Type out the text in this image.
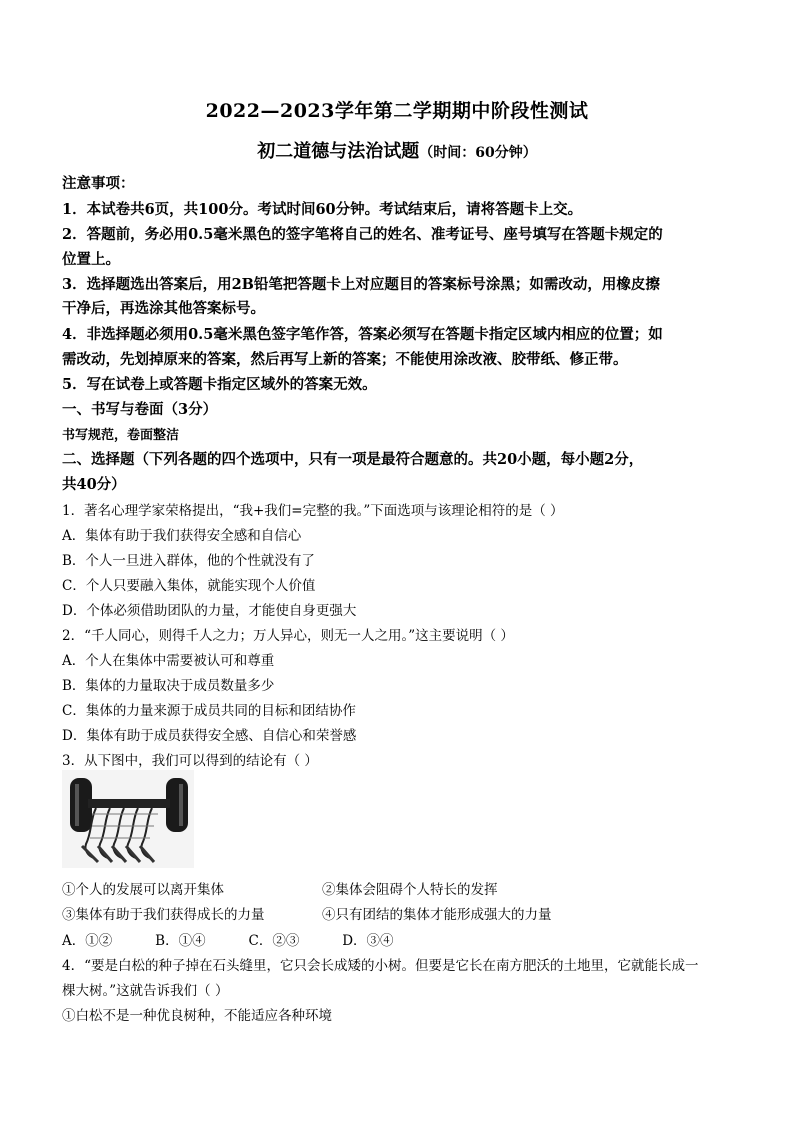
2022—2023学年第二学期期中阶段性测试
初二道德与法治试题（时间：60分钟）
注意事项：
1．本试卷共6页，共100分。考试时间60分钟。考试结束后，请将答题卡上交。
2．答题前，务必用0.5毫米黑色的签字笔将自己的姓名、准考证号、座号填写在答题卡规定的
位置上。
3．选择题选出答案后，用2B铅笔把答题卡上对应题目的答案标号涂黑；如需改动，用橡皮擦
干净后，再选涂其他答案标号。
4．非选择题必须用0.5毫米黑色签字笔作答，答案必须写在答题卡指定区域内相应的位置；如
需改动，先划掉原来的答案，然后再写上新的答案；不能使用涂改液、胶带纸、修正带。
5．写在试卷上或答题卡指定区域外的答案无效。
一、书写与卷面（3分）
书写规范，卷面整洁
二、选择题（下列各题的四个选项中，只有一项是最符合题意的。共20小题，每小题2分，
共40分）
1．著名心理学家荣格提出，“我+我们=完整的我。”下面选项与该理论相符的是（ ）
A．集体有助于我们获得安全感和自信心
B．个人一旦进入群体，他的个性就没有了
C．个人只要融入集体，就能实现个人价值
D．个体必须借助团队的力量，才能使自身更强大
2．“千人同心，则得千人之力；万人异心，则无一人之用。”这主要说明（ ）
A．个人在集体中需要被认可和尊重
B．集体的力量取决于成员数量多少
C．集体的力量来源于成员共同的目标和团结协作
D．集体有助于成员获得安全感、自信心和荣誉感
3．从下图中，我们可以得到的结论有（ ）
①个人的发展可以离开集体	②集体会阻碍个人特长的发挥
③集体有助于我们获得成长的力量	④只有团结的集体才能形成强大的力量
A．①②          B．①④          C．②③          D．③④
4．“要是白松的种子掉在石头缝里，它只会长成矮的小树。但要是它长在南方肥沃的土地里，它就能长成一
棵大树。”这就告诉我们（ ）
①白松不是一种优良树种，不能适应各种环境
